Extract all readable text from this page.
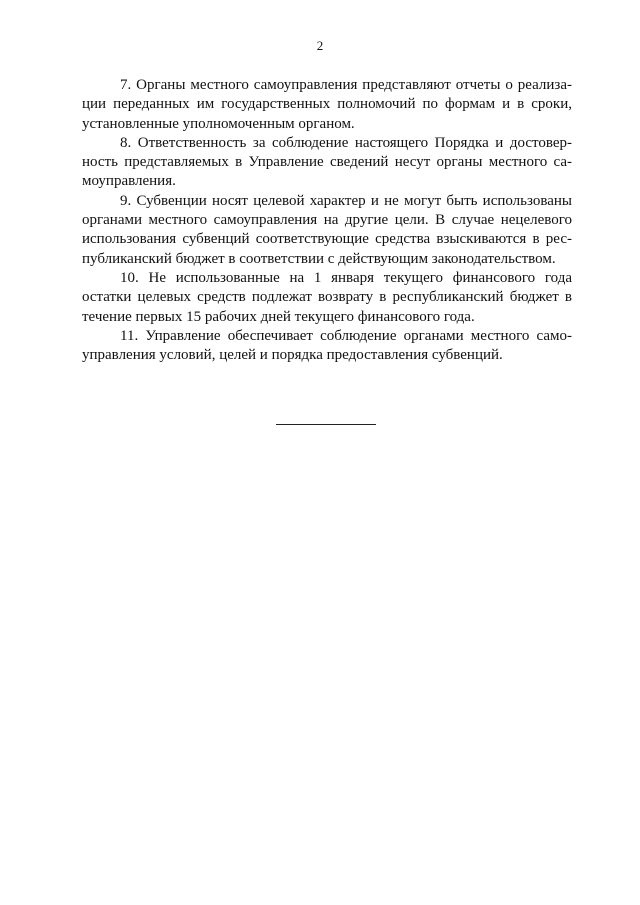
2

7. Органы местного самоуправления представляют отчеты о реализации переданных им государственных полномочий по формам и в сроки, установленные уполномоченным органом.

8. Ответственность за соблюдение настоящего Порядка и достоверность представляемых в Управление сведений несут органы местного самоуправления.

9. Субвенции носят целевой характер и не могут быть использованы органами местного самоуправления на другие цели. В случае нецелевого использования субвенций соответствующие средства взыскиваются в республиканский бюджет в соответствии с действующим законодательством.

10. Не использованные на 1 января текущего финансового года остатки целевых средств подлежат возврату в республиканский бюджет в течение первых 15 рабочих дней текущего финансового года.

11. Управление обеспечивает соблюдение органами местного самоуправления условий, целей и порядка предоставления субвенций.
